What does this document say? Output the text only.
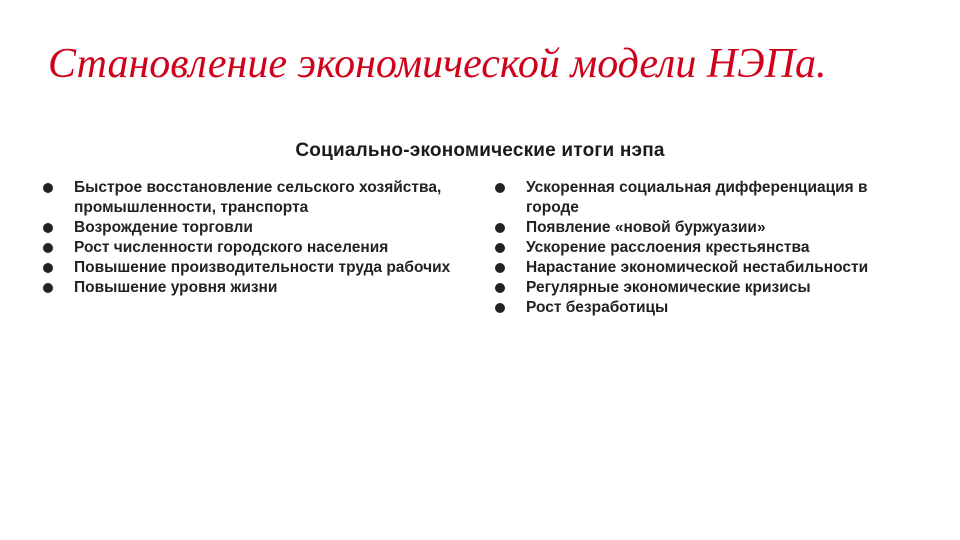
Становление экономической модели НЭПа.
Социально-экономические итоги нэпа
Быстрое восстановление сельского хозяйства, промышленности, транспорта
Возрождение торговли
Рост численности городского населения
Повышение производительности труда рабочих
Повышение уровня жизни
Ускоренная социальная дифференциация в городе
Появление «новой буржуазии»
Ускорение расслоения крестьянства
Нарастание экономической нестабильности
Регулярные экономические кризисы
Рост безработицы
